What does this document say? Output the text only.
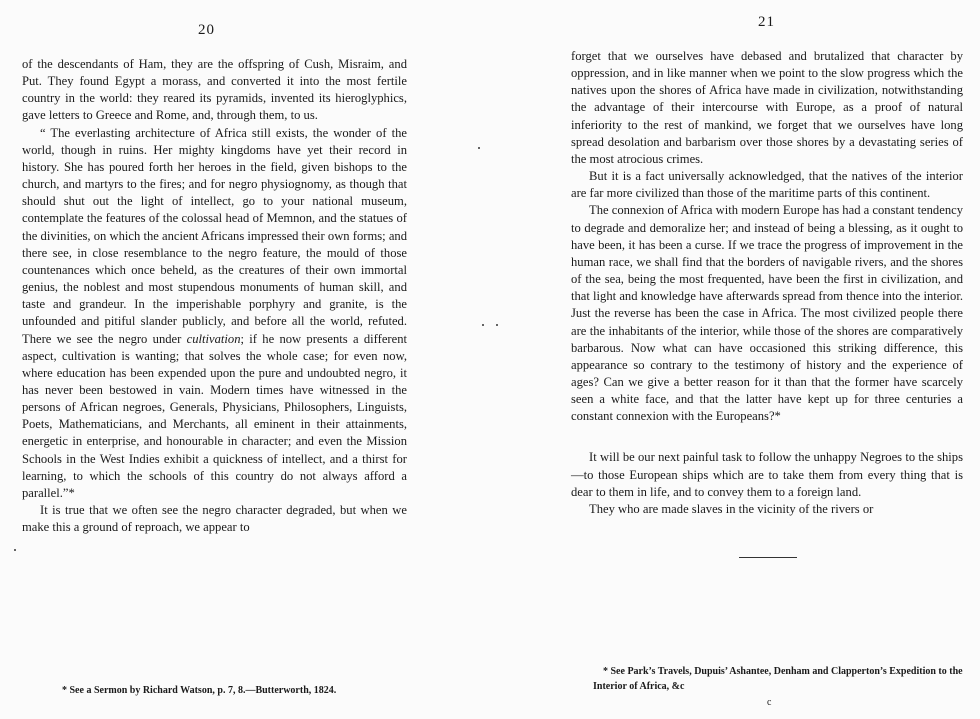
20

of the descendants of Ham, they are the offspring of Cush, Misraim, and Put. They found Egypt a morass, and converted it into the most fertile country in the world: they reared its pyramids, invented its hieroglyphics, gave letters to Greece and Rome, and, through them, to us.

“ The everlasting architecture of Africa still exists, the wonder of the world, though in ruins. Her mighty kingdoms have yet their record in history. She has poured forth her heroes in the field, given bishops to the church, and martyrs to the fires; and for negro physiognomy, as though that should shut out the light of intellect, go to your national museum, contemplate the features of the colossal head of Memnon, and the statues of the divinities, on which the ancient Africans impressed their own forms; and there see, in close resemblance to the negro feature, the mould of those countenances which once beheld, as the creatures of their own immortal genius, the noblest and most stupendous monuments of human skill, and taste and grandeur. In the imperishable porphyry and granite, is the unfounded and pitiful slander publicly, and before all the world, refuted. There we see the negro under cultivation; if he now presents a different aspect, cultivation is wanting; that solves the whole case; for even now, where education has been expended upon the pure and undoubted negro, it has never been bestowed in vain. Modern times have witnessed in the persons of African negroes, Generals, Physicians, Philosophers, Linguists, Poets, Mathematicians, and Merchants, all eminent in their attainments, energetic in enterprise, and honourable in character; and even the Mission Schools in the West Indies exhibit a quickness of intellect, and a thirst for learning, to which the schools of this country do not always afford a parallel.”*

It is true that we often see the negro character degraded, but when we make this a ground of reproach, we appear to

* See a Sermon by Richard Watson, p. 7, 8.—Butterworth, 1824.
21

forget that we ourselves have debased and brutalized that character by oppression, and in like manner when we point to the slow progress which the natives upon the shores of Africa have made in civilization, notwithstanding the advantage of their intercourse with Europe, as a proof of natural inferiority to the rest of mankind, we forget that we ourselves have long spread desolation and barbarism over those shores by a devastating series of the most atrocious crimes.

But it is a fact universally acknowledged, that the natives of the interior are far more civilized than those of the maritime parts of this continent.

The connexion of Africa with modern Europe has had a constant tendency to degrade and demoralize her; and instead of being a blessing, as it ought to have been, it has been a curse. If we trace the progress of improvement in the human race, we shall find that the borders of navigable rivers, and the shores of the sea, being the most frequented, have been the first in civilization, and that light and knowledge have afterwards spread from thence into the interior. Just the reverse has been the case in Africa. The most civilized people there are the inhabitants of the interior, while those of the shores are comparatively barbarous. Now what can have occasioned this striking difference, this appearance so contrary to the testimony of history and the experience of ages? Can we give a better reason for it than that the former have scarcely seen a white face, and that the latter have kept up for three centuries a constant connexion with the Europeans?*

It will be our next painful task to follow the unhappy Negroes to the ships—to those European ships which are to take them from every thing that is dear to them in life, and to convey them to a foreign land.

They who are made slaves in the vicinity of the rivers or

* See Park’s Travels, Dupuis’ Ashantee, Denham and Clapperton’s Expedition to the Interior of Africa, &c
c
